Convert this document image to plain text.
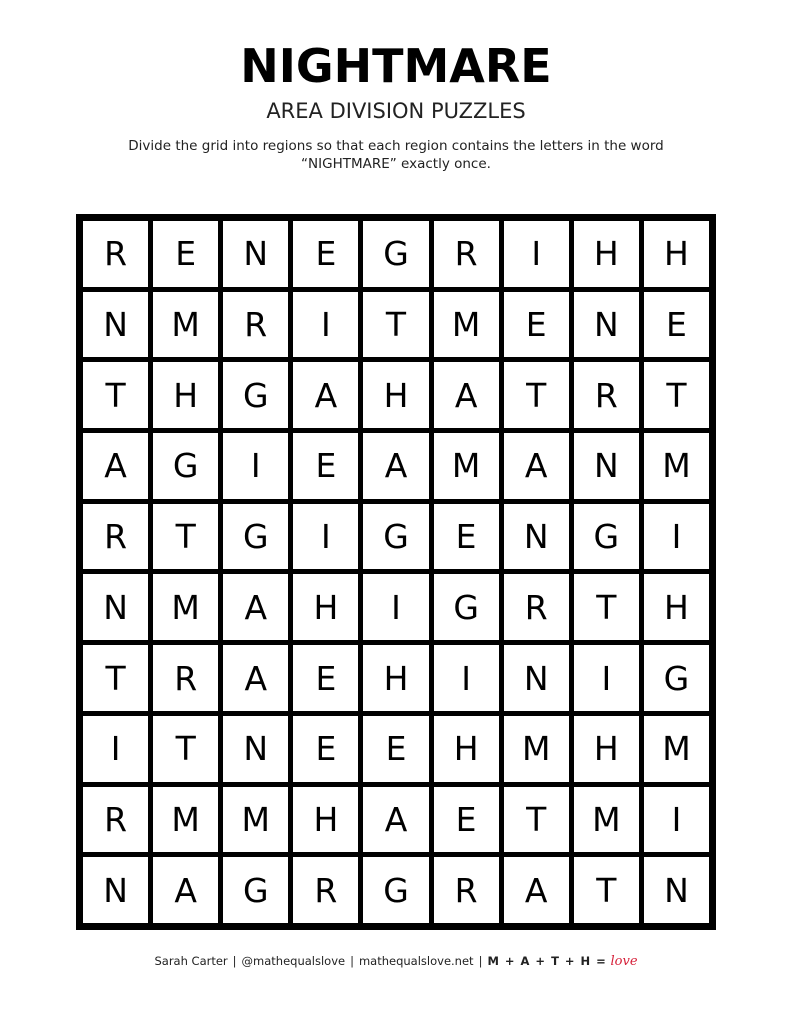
NIGHTMARE
AREA DIVISION PUZZLES
Divide the grid into regions so that each region contains the letters in the word “NIGHTMARE” exactly once.
R	E	N	E	G	R	I	H	H
N	M	R	I	T	M	E	N	E
T	H	G	A	H	A	T	R	T
A	G	I	E	A	M	A	N	M
R	T	G	I	G	E	N	G	I
N	M	A	H	I	G	R	T	H
T	R	A	E	H	I	N	I	G
I	T	N	E	E	H	M	H	M
R	M	M	H	A	E	T	M	I
N	A	G	R	G	R	A	T	N
Sarah Carter | @mathequalslove | mathequalslove.net | M + A + T + H = love
